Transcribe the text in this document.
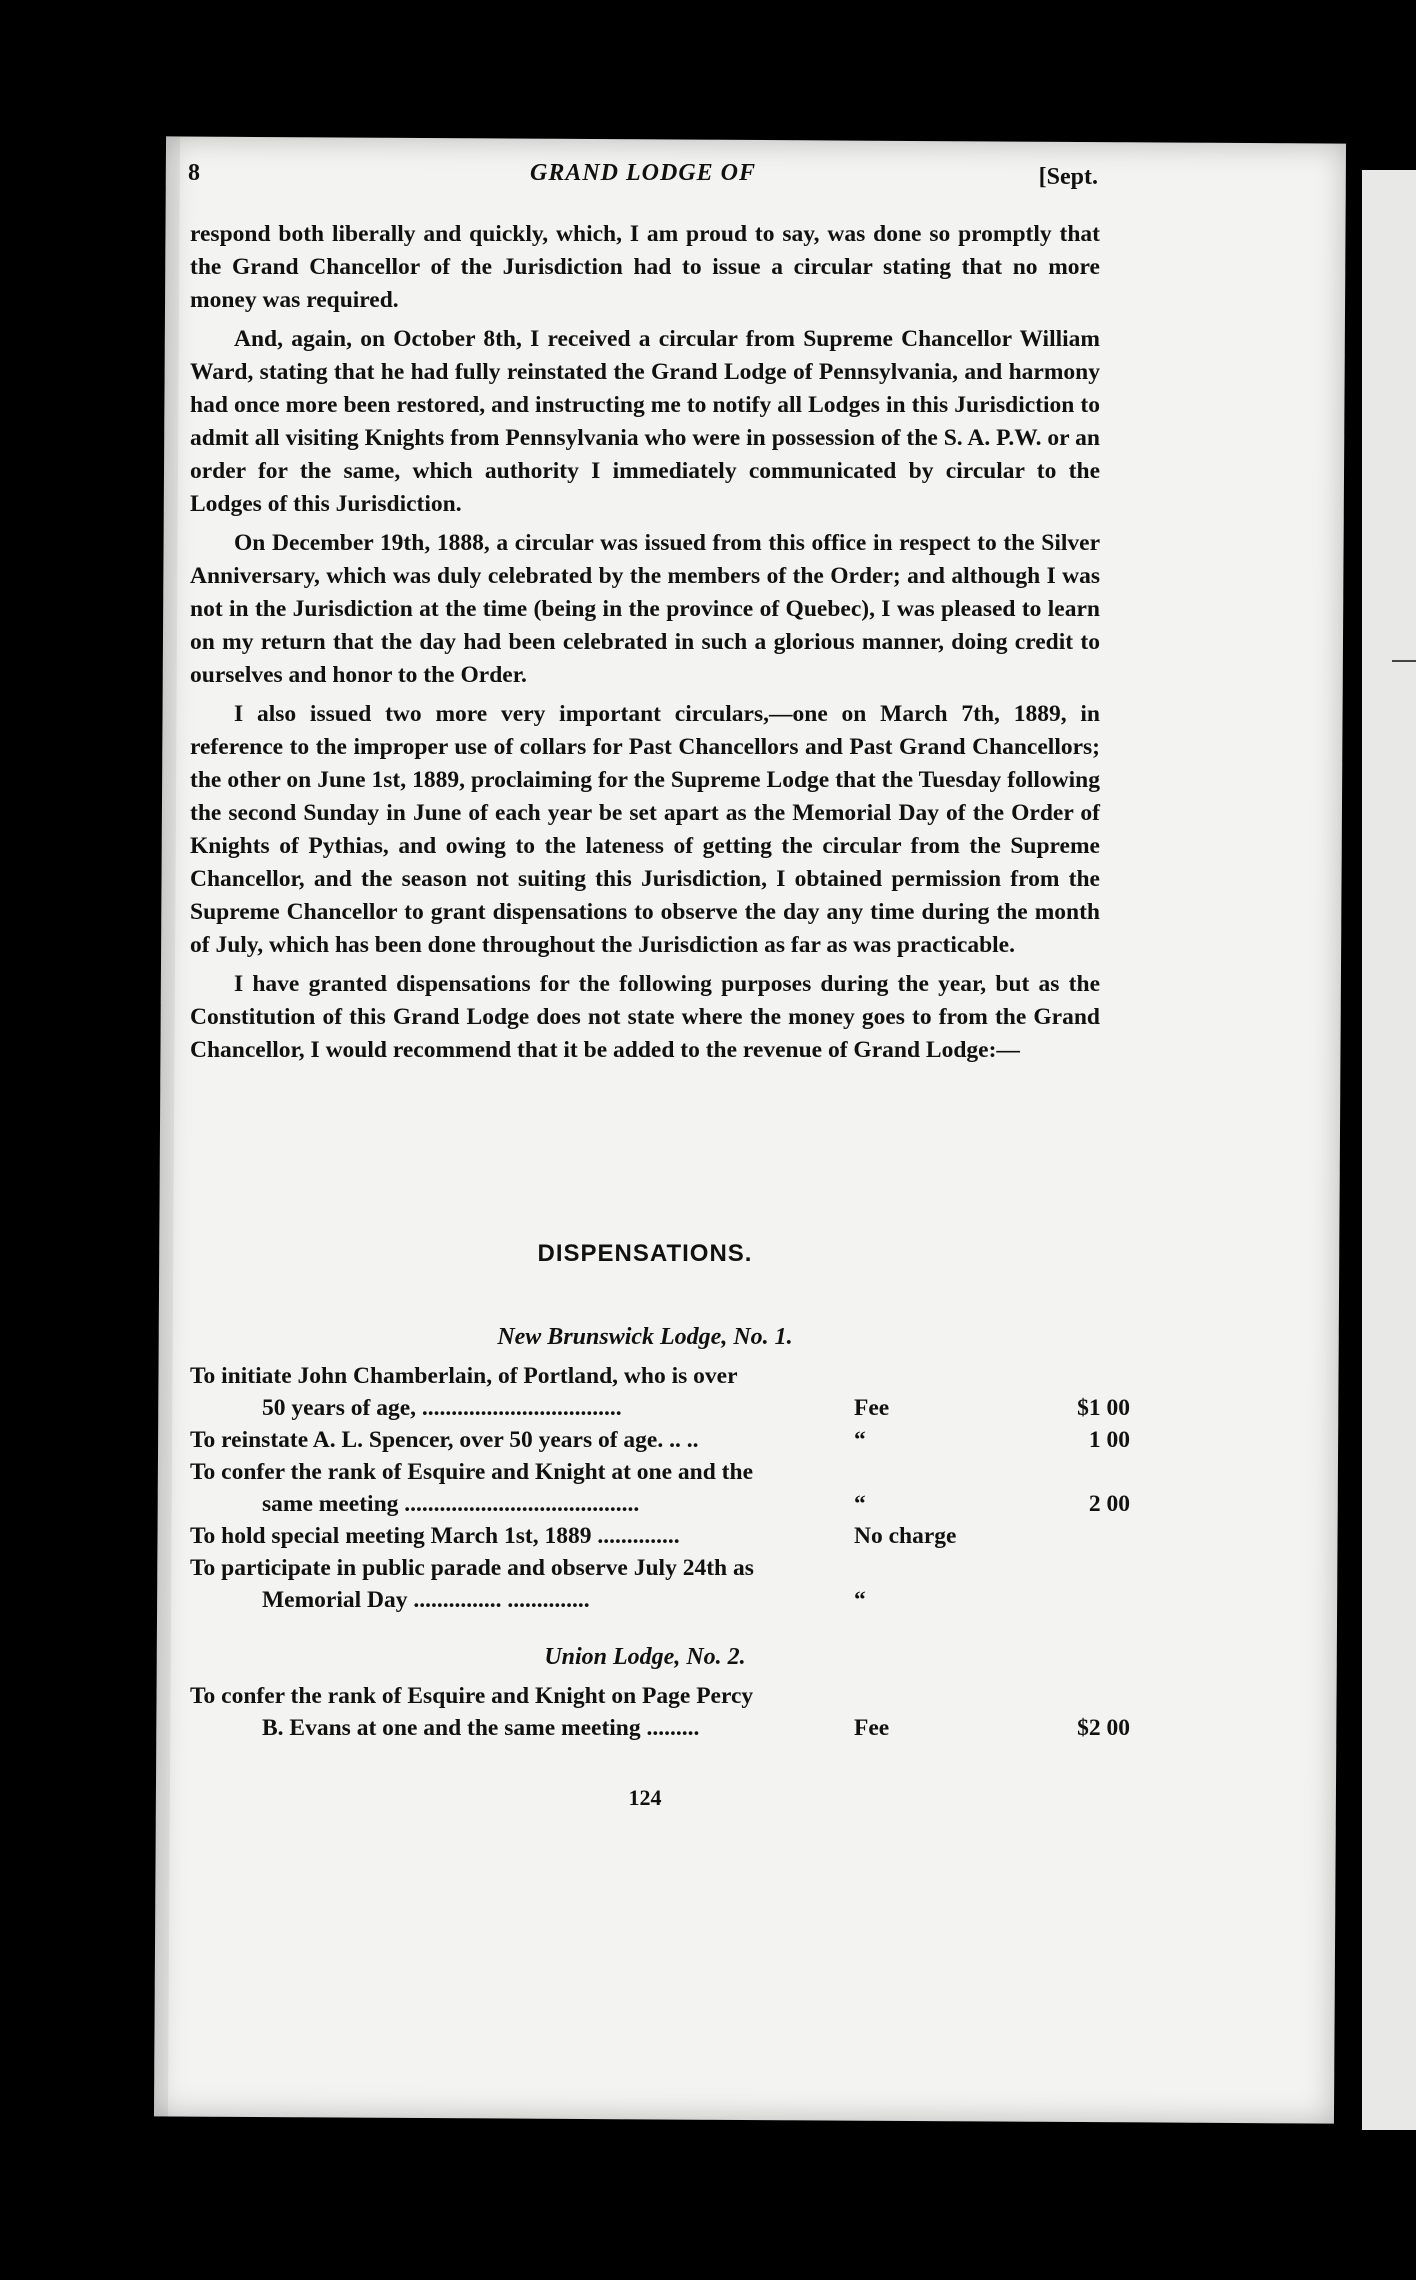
8	GRAND LODGE OF	[Sept.

respond both liberally and quickly, which, I am proud to say, was done so promptly that the Grand Chancellor of the Jurisdiction had to issue a circular stating that no more money was required.

And, again, on October 8th, I received a circular from Supreme Chancellor William Ward, stating that he had fully reinstated the Grand Lodge of Pennsylvania, and harmony had once more been restored, and instructing me to notify all Lodges in this Jurisdiction to admit all visiting Knights from Pennsylvania who were in possession of the S. A. P.W. or an order for the same, which authority I immediately communicated by circular to the Lodges of this Jurisdiction.

On December 19th, 1888, a circular was issued from this office in respect to the Silver Anniversary, which was duly celebrated by the members of the Order; and although I was not in the Jurisdiction at the time (being in the province of Quebec), I was pleased to learn on my return that the day had been celebrated in such a glorious manner, doing credit to ourselves and honor to the Order.

I also issued two more very important circulars,—one on March 7th, 1889, in reference to the improper use of collars for Past Chancellors and Past Grand Chancellors; the other on June 1st, 1889, proclaiming for the Supreme Lodge that the Tuesday following the second Sunday in June of each year be set apart as the Memorial Day of the Order of Knights of Pythias, and owing to the lateness of getting the circular from the Supreme Chancellor, and the season not suiting this Jurisdiction, I obtained permission from the Supreme Chancellor to grant dispensations to observe the day any time during the month of July, which has been done throughout the Jurisdiction as far as was practicable.

I have granted dispensations for the following purposes during the year, but as the Constitution of this Grand Lodge does not state where the money goes to from the Grand Chancellor, I would recommend that it be added to the revenue of Grand Lodge:—

DISPENSATIONS.
New Brunswick Lodge, No. 1.
To initiate John Chamberlain, of Portland, who is over
50 years of age, ..................................	Fee	$1 00
To reinstate A. L. Spencer, over 50 years of age. .. ..	“	1 00
To confer the rank of Esquire and Knight at one and the
same meeting ........................................	“	2 00
To hold special meeting March 1st, 1889 ..............	No charge
To participate in public parade and observe July 24th as
Memorial Day ............... ..............	“
Union Lodge, No. 2.
To confer the rank of Esquire and Knight on Page Percy
B. Evans at one and the same meeting .........	Fee	$2 00
124
